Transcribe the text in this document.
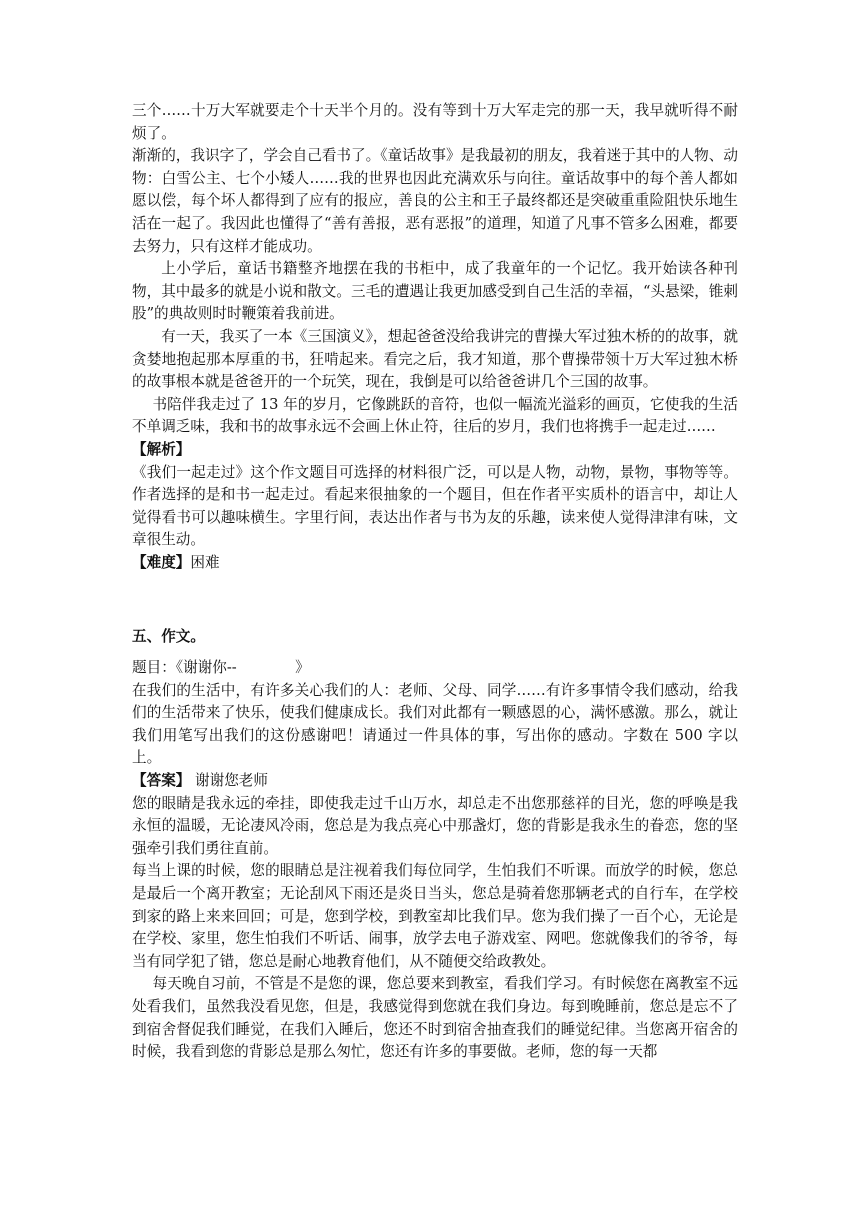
三个……十万大军就要走个十天半个月的。没有等到十万大军走完的那一天，我早就听得不耐烦了。

渐渐的，我识字了，学会自己看书了。《童话故事》是我最初的朋友，我着迷于其中的人物、动物：白雪公主、七个小矮人……我的世界也因此充满欢乐与向往。童话故事中的每个善人都如愿以偿，每个坏人都得到了应有的报应，善良的公主和王子最终都还是突破重重险阻快乐地生活在一起了。我因此也懂得了“善有善报，恶有恶报”的道理，知道了凡事不管多么困难，都要去努力，只有这样才能成功。

上小学后，童话书籍整齐地摆在我的书柜中，成了我童年的一个记忆。我开始读各种刊物，其中最多的就是小说和散文。三毛的遭遇让我更加感受到自己生活的幸福，“头悬梁，锥刺股”的典故则时时鞭策着我前进。

有一天，我买了一本《三国演义》，想起爸爸没给我讲完的曹操大军过独木桥的的故事，就贪婪地抱起那本厚重的书，狂啃起来。看完之后，我才知道，那个曹操带领十万大军过独木桥的故事根本就是爸爸开的一个玩笑，现在，我倒是可以给爸爸讲几个三国的故事。

书陪伴我走过了 13 年的岁月，它像跳跃的音符，也似一幅流光溢彩的画页，它使我的生活不单调乏味，我和书的故事永远不会画上休止符，往后的岁月，我们也将携手一起走过……

【解析】

《我们一起走过》这个作文题目可选择的材料很广泛，可以是人物，动物，景物，事物等等。作者选择的是和书一起走过。看起来很抽象的一个题目，但在作者平实质朴的语言中，却让人觉得看书可以趣味横生。字里行间，表达出作者与书为友的乐趣，读来使人觉得津津有味，文章很生动。

【难度】困难

五、作文。

题目：《谢谢你--　　　　》

在我们的生活中，有许多关心我们的人：老师、父母、同学……有许多事情令我们感动，给我们的生活带来了快乐，使我们健康成长。我们对此都有一颗感恩的心，满怀感激。那么，就让我们用笔写出我们的这份感谢吧！请通过一件具体的事，写出你的感动。字数在 500 字以上。

【答案】 谢谢您老师

您的眼睛是我永远的牵挂，即使我走过千山万水，却总走不出您那慈祥的目光，您的呼唤是我永恒的温暖，无论凄风冷雨，您总是为我点亮心中那盏灯，您的背影是我永生的眷恋，您的坚强牵引我们勇往直前。

每当上课的时候，您的眼睛总是注视着我们每位同学，生怕我们不听课。而放学的时候，您总是最后一个离开教室；无论刮风下雨还是炎日当头，您总是骑着您那辆老式的自行车，在学校到家的路上来来回回；可是，您到学校，到教室却比我们早。您为我们操了一百个心，无论是在学校、家里，您生怕我们不听话、闹事，放学去电子游戏室、网吧。您就像我们的爷爷，每当有同学犯了错，您总是耐心地教育他们，从不随便交给政教处。

每天晚自习前，不管是不是您的课，您总要来到教室，看我们学习。有时候您在离教室不远处看我们，虽然我没看见您，但是，我感觉得到您就在我们身边。每到晚睡前，您总是忘不了到宿舍督促我们睡觉，在我们入睡后，您还不时到宿舍抽查我们的睡觉纪律。当您离开宿舍的时候，我看到您的背影总是那么匆忙，您还有许多的事要做。老师，您的每一天都
